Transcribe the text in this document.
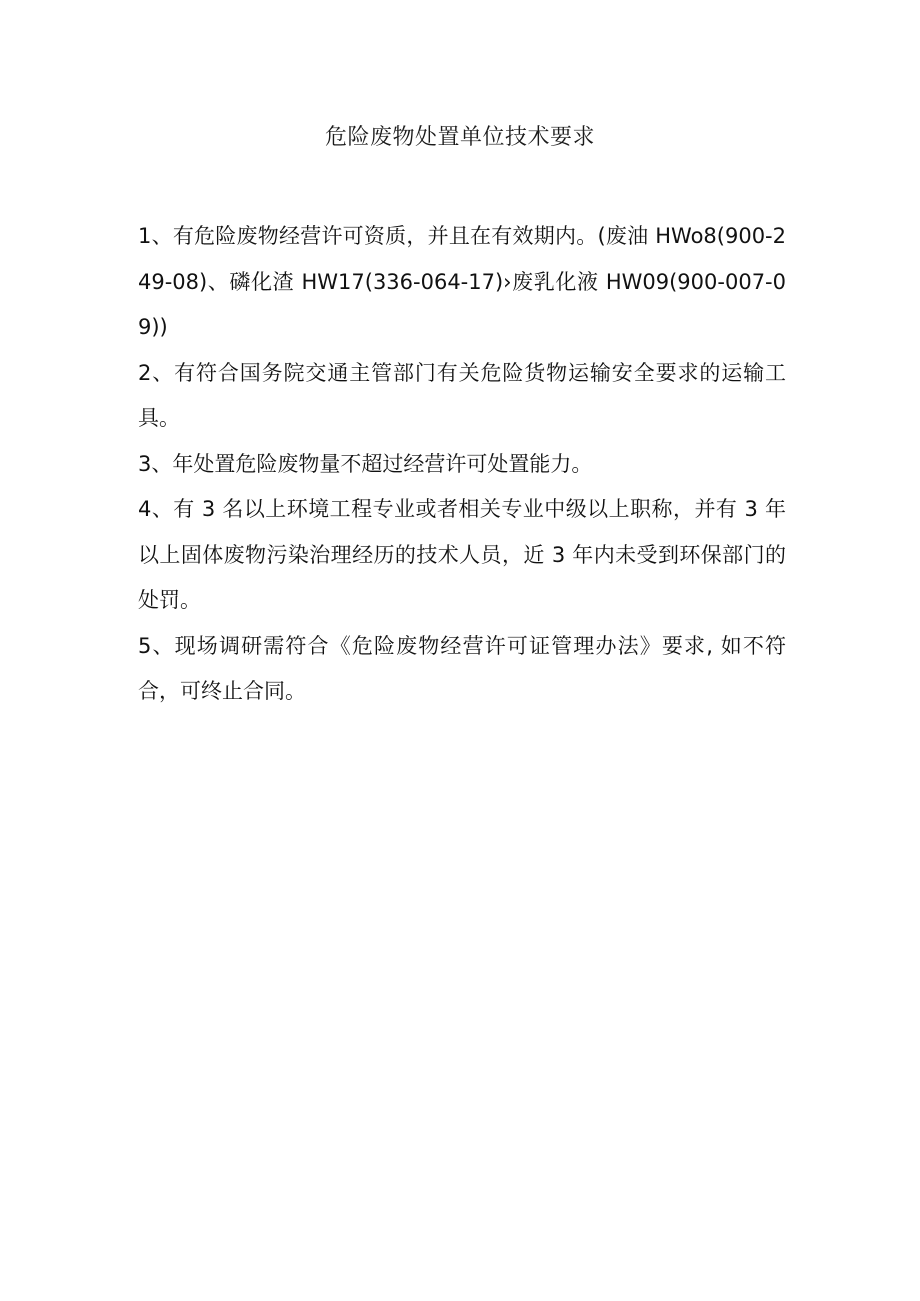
危险废物处置单位技术要求

1、有危险废物经营许可资质，并且在有效期内。(废油 HWo8(900-249-08)、磷化渣 HW17(336-064-17)›废乳化液 HW09(900-007-09))

2、有符合国务院交通主管部门有关危险货物运输安全要求的运输工具。

3、年处置危险废物量不超过经营许可处置能力。

4、有 3 名以上环境工程专业或者相关专业中级以上职称，并有 3 年以上固体废物污染治理经历的技术人员，近 3 年内未受到环保部门的处罚。

5、现场调研需符合《危险废物经营许可证管理办法》要求, 如不符合，可终止合同。
